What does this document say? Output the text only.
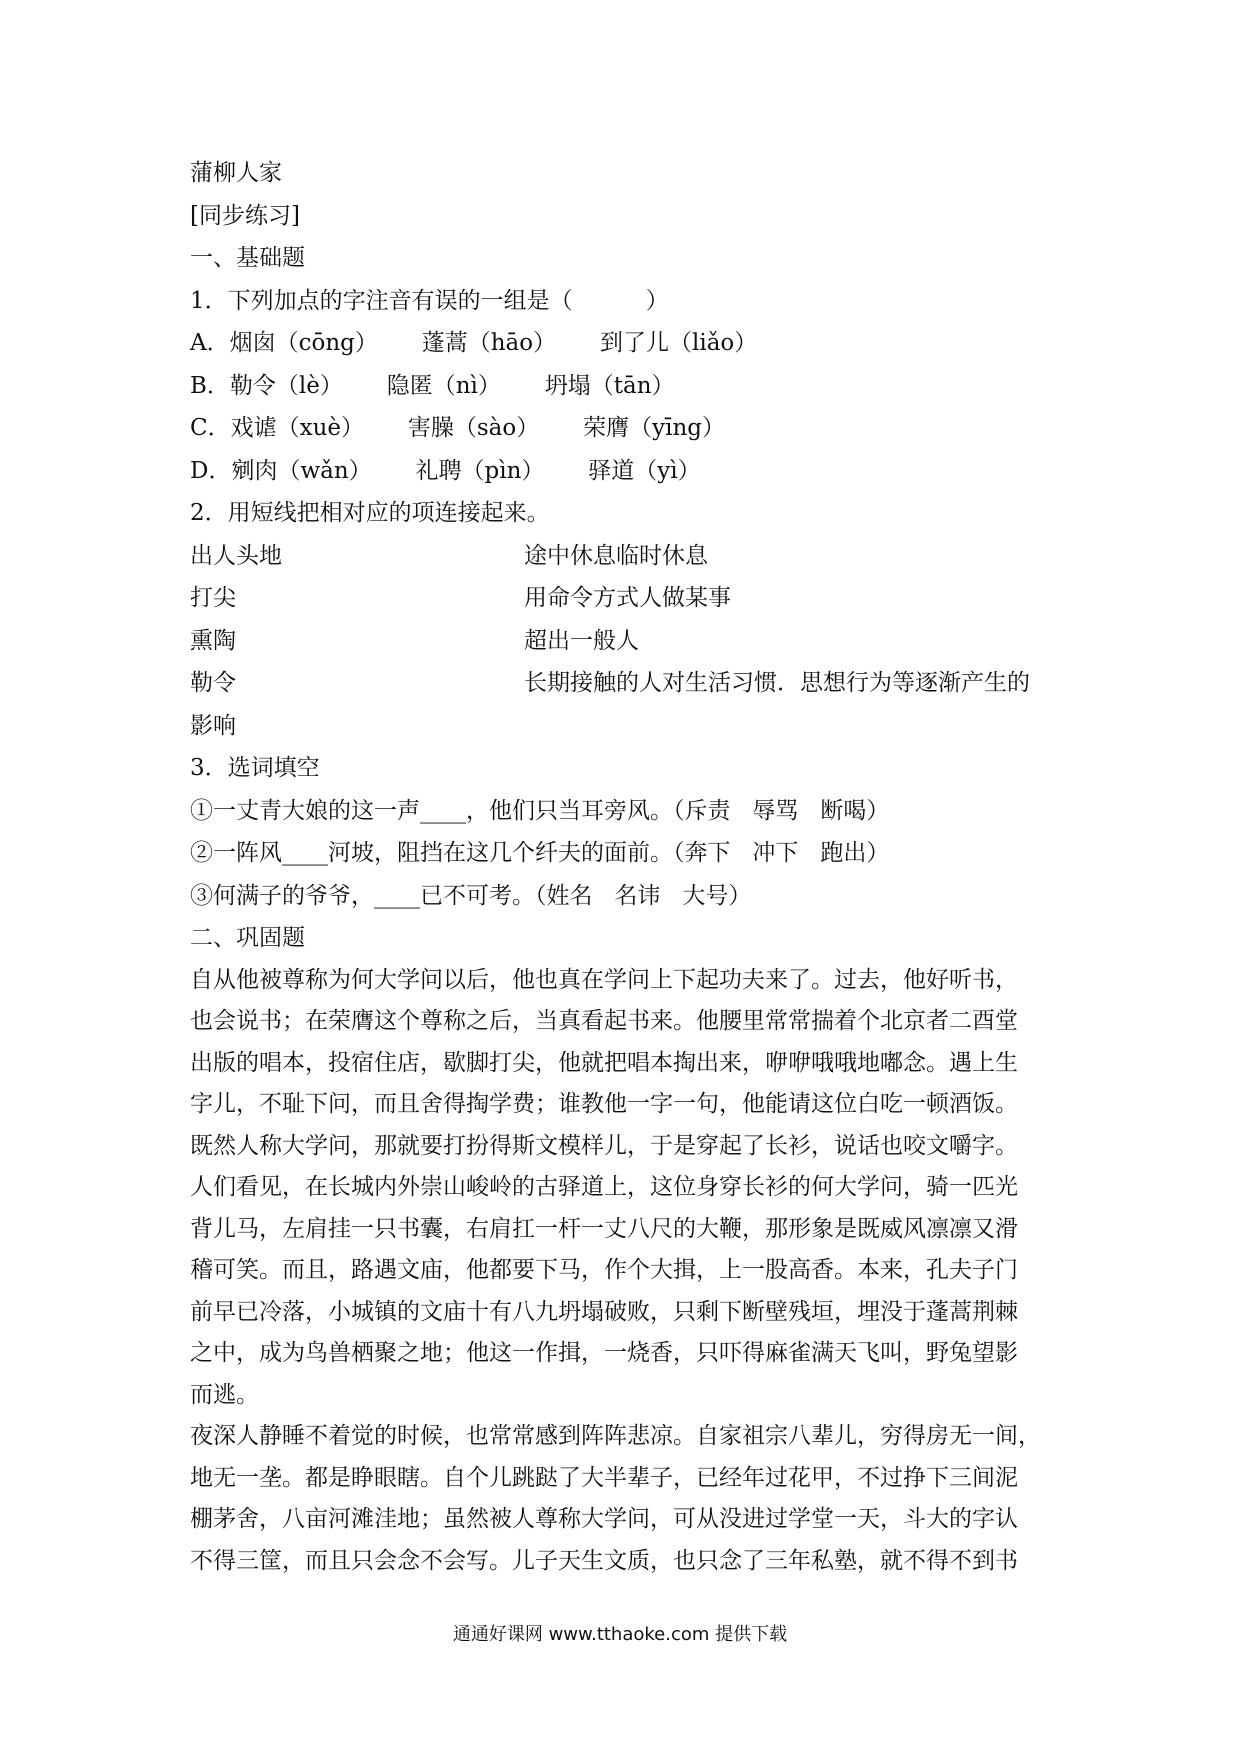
蒲柳人家
[同步练习]
一、基础题
1．下列加点的字注音有误的一组是（          ）
A．烟囱（cōng）      蓬蒿（hāo）      到了儿（liǎo）
B．勒令（lè）      隐匿（nì）      坍塌（tān）
C．戏谑（xuè）      害臊（sào）      荣膺（yīng）
D．剜肉（wǎn）      礼聘（pìn）      驿道（yì）
2．用短线把相对应的项连接起来。
出人头地	途中休息临时休息
打尖	用命令方式人做某事
熏陶	超出一般人
勒令	长期接触的人对生活习惯．思想行为等逐渐产生的
影响
3．选词填空
①一丈青大娘的这一声____，他们只当耳旁风。（斥责   辱骂   断喝）
②一阵风____河坡，阻挡在这几个纤夫的面前。（奔下   冲下   跑出）
③何满子的爷爷，____已不可考。（姓名   名讳   大号）
二、巩固题
自从他被尊称为何大学问以后，他也真在学问上下起功夫来了。过去，他好听书，
也会说书；在荣膺这个尊称之后，当真看起书来。他腰里常常揣着个北京者二酉堂
出版的唱本，投宿住店，歇脚打尖，他就把唱本掏出来，咿咿哦哦地嘟念。遇上生
字儿，不耻下问，而且舍得掏学费；谁教他一字一句，他能请这位白吃一顿酒饭。
既然人称大学问，那就要打扮得斯文模样儿，于是穿起了长衫，说话也咬文嚼字。
人们看见，在长城内外崇山峻岭的古驿道上，这位身穿长衫的何大学问，骑一匹光
背儿马，左肩挂一只书囊，右肩扛一杆一丈八尺的大鞭，那形象是既威风凛凛又滑
稽可笑。而且，路遇文庙，他都要下马，作个大揖，上一股高香。本来，孔夫子门
前早已冷落，小城镇的文庙十有八九坍塌破败，只剩下断壁残垣，埋没于蓬蒿荆棘
之中，成为鸟兽栖聚之地；他这一作揖，一烧香，只吓得麻雀满天飞叫，野兔望影
而逃。
夜深人静睡不着觉的时候，也常常感到阵阵悲凉。自家祖宗八辈儿，穷得房无一间，
地无一垄。都是睁眼瞎。自个儿跳跶了大半辈子，已经年过花甲，不过挣下三间泥
棚茅舍，八亩河滩洼地；虽然被人尊称大学问，可从没进过学堂一天，斗大的字认
不得三筐，而且只会念不会写。儿子天生文质，也只念了三年私塾，就不得不到书
通通好课网 www.tthaoke.com 提供下载
